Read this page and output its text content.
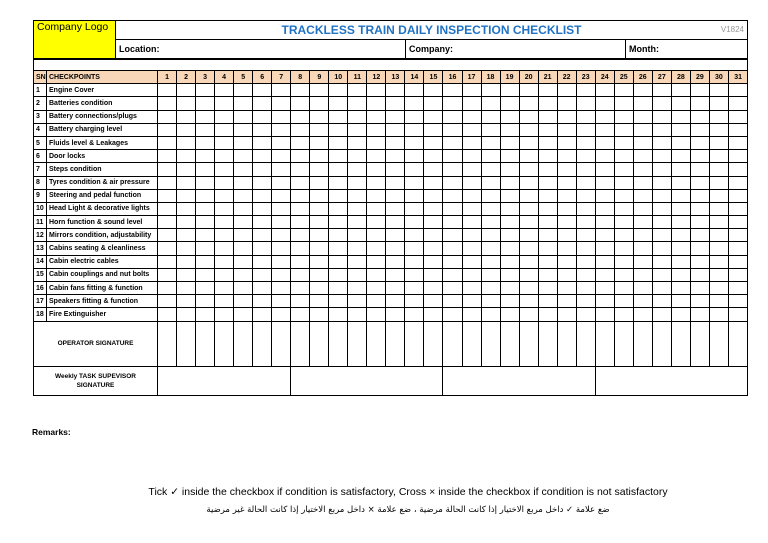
Company Logo	TRACKLESS TRAIN DAILY INSPECTION CHECKLIST V1824		

	Location:	Company:	Month:

SN	CHECKPOINTS	1	2	3	4	5	6	7	8	9	10	11	12	13	14	15	16	17	18	19	20	21	22	23	24	25	26	27	28	29	30	31
1	Engine Cover																															
2	Batteries condition																															
3	Battery connections/plugs																															
4	Battery charging level																															
5	Fluids level & Leakages																															
6	Door locks																															
7	Steps condition																															
8	Tyres condition & air pressure																															
9	Steering and pedal function																															
10	Head Light & decorative lights																															
11	Horn function & sound level																															
12	Mirrors condition, adjustability																															
13	Cabins seating & cleanliness																															
14	Cabin electric cables																															
15	Cabin couplings and nut bolts																															
16	Cabin fans fitting & function																															
17	Speakers fitting & function																															
18	Fire Extinguisher																															
OPERATOR SIGNATURE																																
Weekly TASK SUPEVISOR SIGNATURE																																
Remarks:
Tick ✓ inside the checkbox if condition is satisfactory, Cross × inside the checkbox if condition is not satisfactory
ضع علامة ✓ داخل مربع الاختيار إذا كانت الحالة مرضية ، ضع علامة × داخل مربع الاختيار إذا كانت الحالة غير مرضية
